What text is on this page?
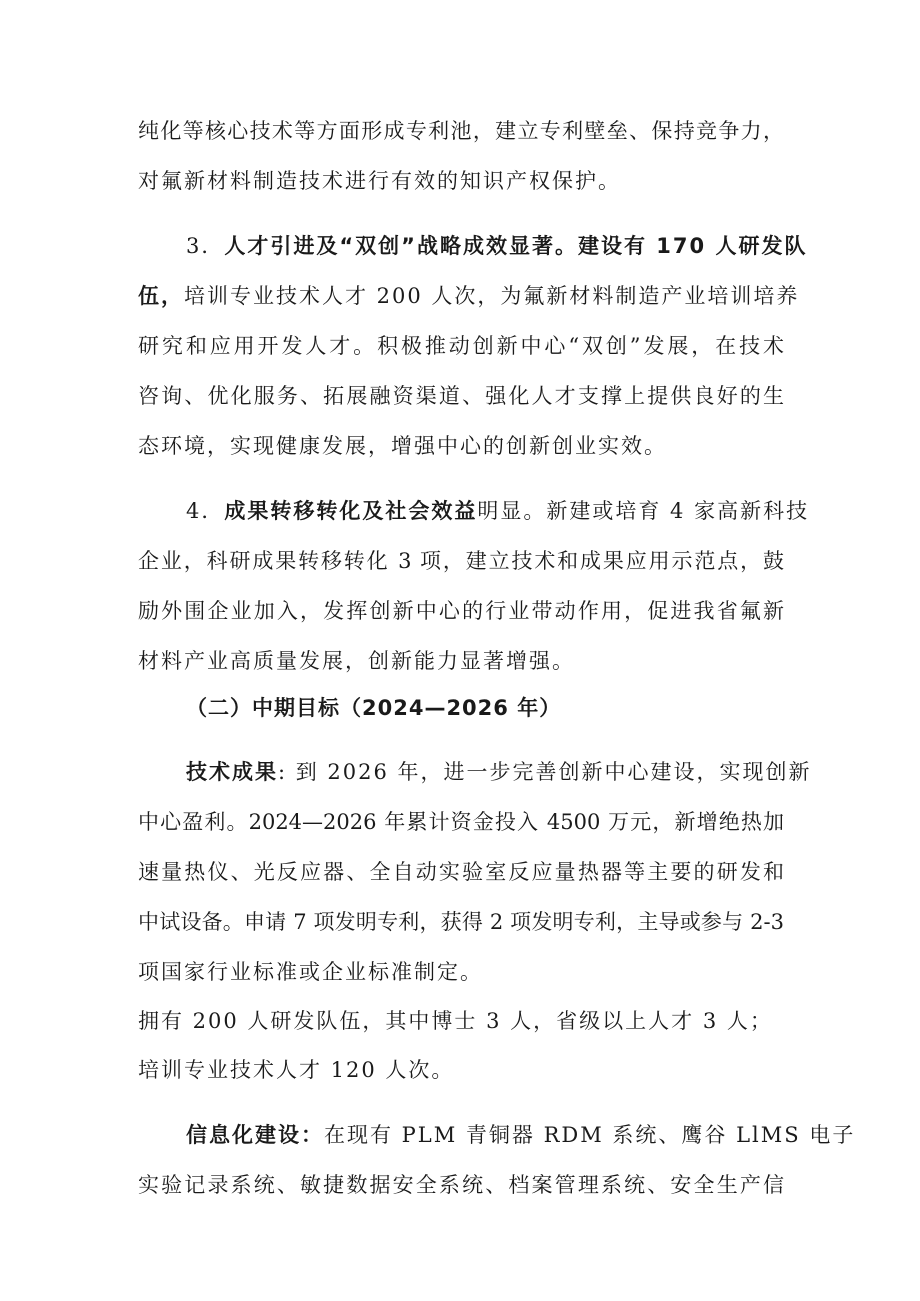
纯化等核心技术等方面形成专利池，建立专利壁垒、保持竞争力，
对氟新材料制造技术进行有效的知识产权保护。
3．人才引进及“双创”战略成效显著。建设有 170 人研发队
伍，培训专业技术人才 200 人次，为氟新材料制造产业培训培养
研究和应用开发人才。积极推动创新中心“双创”发展，在技术
咨询、优化服务、拓展融资渠道、强化人才支撑上提供良好的生
态环境，实现健康发展，增强中心的创新创业实效。
4．成果转移转化及社会效益明显。新建或培育 4 家高新科技
企业，科研成果转移转化 3 项，建立技术和成果应用示范点，鼓
励外围企业加入，发挥创新中心的行业带动作用，促进我省氟新
材料产业高质量发展，创新能力显著增强。
（二）中期目标（2024—2026 年）
技术成果: 到 2026 年，进一步完善创新中心建设，实现创新
中心盈利。2024—2026 年累计资金投入 4500 万元，新增绝热加
速量热仪、光反应器、全自动实验室反应量热器等主要的研发和
中试设备。申请 7 项发明专利，获得 2 项发明专利，主导或参与 2-3
项国家行业标准或企业标准制定。
拥有 200 人研发队伍，其中博士 3 人，省级以上人才 3 人；
培训专业技术人才 120 人次。
信息化建设：在现有 PLM 青铜器 RDM 系统、鹰谷 LlMS 电子
实验记录系统、敏捷数据安全系统、档案管理系统、安全生产信
